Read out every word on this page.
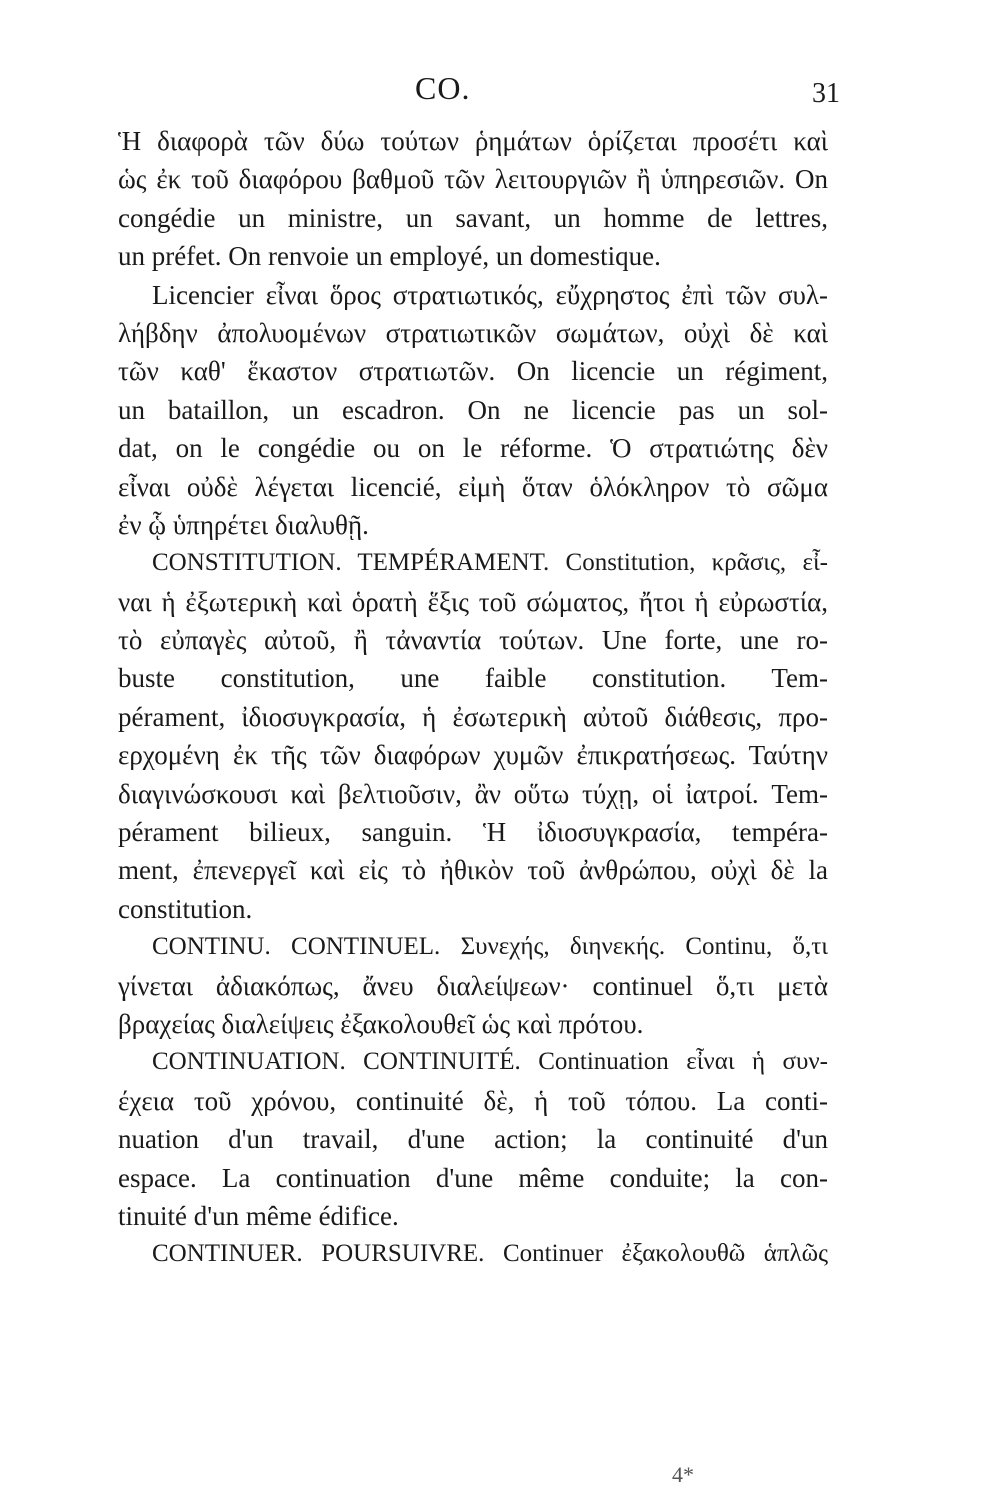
CO.	31
Ἡ διαφορὰ τῶν δύω τούτων ῥημάτων ὁρίζεται προσέτι καὶ
ὡς ἐκ τοῦ διαφόρου βαθμοῦ τῶν λειτουργιῶν ἢ ὑπηρεσιῶν. On
congédie un ministre, un savant, un homme de lettres,
un préfet. On renvoie un employé, un domestique.
Licencier εἶναι ὅρος στρατιωτικός, εὔχρηστος ἐπὶ τῶν συλ-
λήβδην ἀπολυομένων στρατιωτικῶν σωμάτων, οὐχὶ δὲ καὶ
τῶν καθ' ἕκαστον στρατιωτῶν. On licencie un régiment,
un bataillon, un escadron. On ne licencie pas un sol-
dat, on le congédie ou on le réforme. Ὁ στρατιώτης δὲν
εἶναι οὐδὲ λέγεται licencié, εἰμὴ ὅταν ὁλόκληρον τὸ σῶμα
ἐν ᾧ ὑπηρέτει διαλυθῇ.
CONSTITUTION. TEMPÉRAMENT. Constitution, κρᾶσις, εἶ-
ναι ἡ ἐξωτερικὴ καὶ ὁρατὴ ἕξις τοῦ σώματος, ἤτοι ἡ εὐρωστία,
τὸ εὐπαγὲς αὐτοῦ, ἢ τἀναντία τούτων. Une forte, une ro-
buste constitution, une faible constitution. Tem-
pérament, ἰδιοσυγκρασία, ἡ ἐσωτερικὴ αὐτοῦ διάθεσις, προ-
ερχομένη ἐκ τῆς τῶν διαφόρων χυμῶν ἐπικρατήσεως. Ταύτην
διαγινώσκουσι καὶ βελτιοῦσιν, ἂν οὕτω τύχῃ, οἱ ἰατροί. Tem-
pérament bilieux, sanguin. Ἡ ἰδιοσυγκρασία, tempéra-
ment, ἐπενεργεῖ καὶ εἰς τὸ ἠθικὸν τοῦ ἀνθρώπου, οὐχὶ δὲ la
constitution.
CONTINU. CONTINUEL. Συνεχής, διηνεκής. Continu, ὅ,τι
γίνεται ἀδιακόπως, ἄνευ διαλείψεων· continuel ὅ,τι μετὰ
βραχείας διαλείψεις ἐξακολουθεῖ ὡς καὶ πρότου.
CONTINUATION. CONTINUITÉ. Continuation εἶναι ἡ συν-
έχεια τοῦ χρόνου, continuité δὲ, ἡ τοῦ τόπου. La conti-
nuation d'un travail, d'une action; la continuité d'un
espace. La continuation d'une même conduite; la con-
tinuité d'un même édifice.
CONTINUER. POURSUIVRE. Continuer ἐξακολουθῶ ἁπλῶς
4*
